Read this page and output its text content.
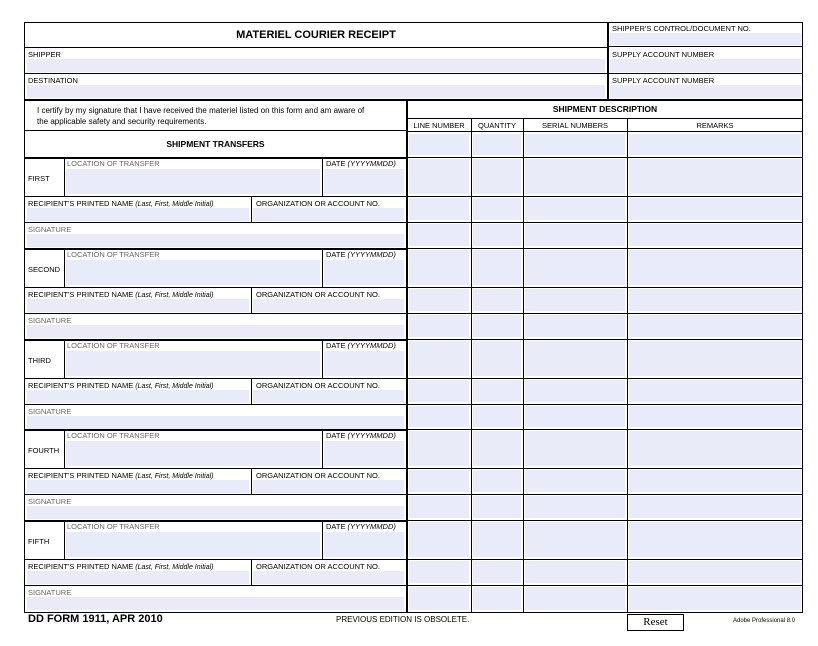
MATERIEL COURIER RECEIPT
SHIPPER'S CONTROL/DOCUMENT NO.
SHIPPER	SUPPLY ACCOUNT NUMBER
DESTINATION	SUPPLY ACCOUNT NUMBER
I certify by my signature that I have received the materiel listed on this form and am aware of
the applicable safety and security requirements.
SHIPMENT TRANSFERS
SHIPMENT DESCRIPTION
LINE NUMBER	QUANTITY	SERIAL NUMBERS	REMARKS
FIRST
LOCATION OF TRANSFER	DATE (YYYYMMDD)
RECIPIENT'S PRINTED NAME (Last, First, Middle Initial)	ORGANIZATION OR ACCOUNT NO.
SIGNATURE
SECOND
LOCATION OF TRANSFER	DATE (YYYYMMDD)
RECIPIENT'S PRINTED NAME (Last, First, Middle Initial)	ORGANIZATION OR ACCOUNT NO.
SIGNATURE
THIRD
LOCATION OF TRANSFER	DATE (YYYYMMDD)
RECIPIENT'S PRINTED NAME (Last, First, Middle Initial)	ORGANIZATION OR ACCOUNT NO.
SIGNATURE
FOURTH
LOCATION OF TRANSFER	DATE (YYYYMMDD)
RECIPIENT'S PRINTED NAME (Last, First, Middle Initial)	ORGANIZATION OR ACCOUNT NO.
SIGNATURE
FIFTH
LOCATION OF TRANSFER	DATE (YYYYMMDD)
RECIPIENT'S PRINTED NAME (Last, First, Middle Initial)	ORGANIZATION OR ACCOUNT NO.
SIGNATURE
DD FORM 1911, APR 2010	PREVIOUS EDITION IS OBSOLETE.	Reset	Adobe Professional 8.0
